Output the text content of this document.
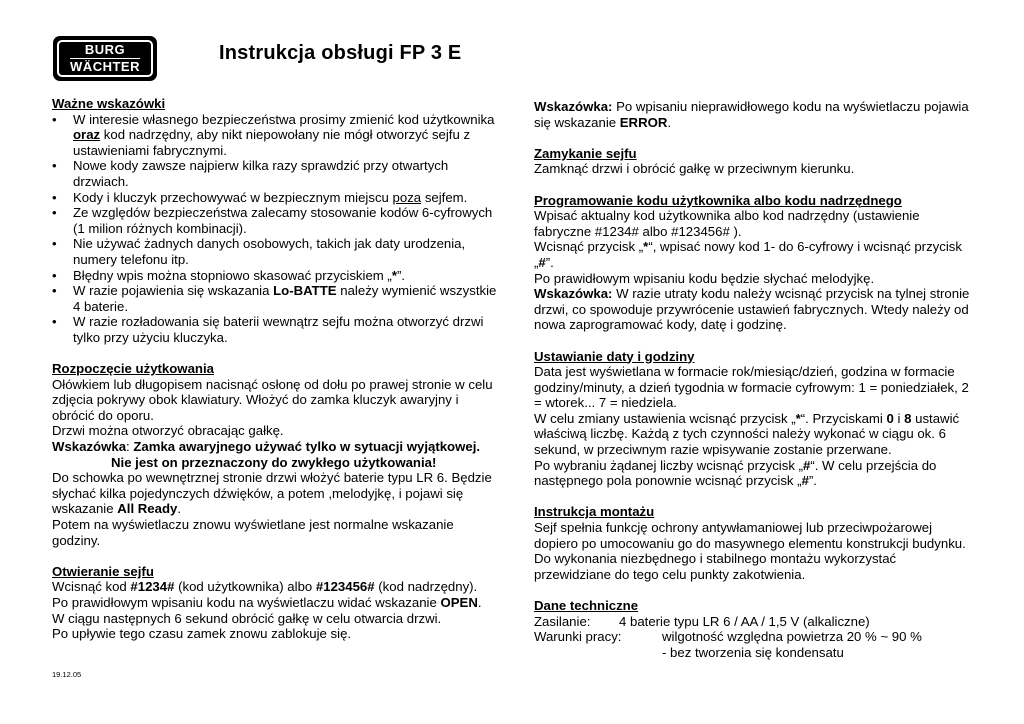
BURG
WÄCHTER
Instrukcja obsługi FP 3 E
Ważne wskazówki
• W interesie własnego bezpieczeństwa prosimy zmienić kod użytkownika oraz kod nadrzędny, aby nikt niepowołany nie mógł otworzyć sejfu z ustawieniami fabrycznymi.
• Nowe kody zawsze najpierw kilka razy sprawdzić przy otwartych drzwiach.
• Kody i kluczyk przechowywać w bezpiecznym miejscu poza sejfem.
• Ze względów bezpieczeństwa zalecamy stosowanie kodów 6-cyfrowych (1 milion różnych kombinacji).
• Nie używać żadnych danych osobowych, takich jak daty urodzenia, numery telefonu itp.
• Błędny wpis można stopniowo skasować przyciskiem „*”.
• W razie pojawienia się wskazania Lo-BATTE należy wymienić wszystkie 4 baterie.
• W razie rozładowania się baterii wewnątrz sejfu można otworzyć drzwi tylko przy użyciu kluczyka.
Rozpoczęcie użytkowania
Ołówkiem lub długopisem nacisnąć osłonę od dołu po prawej stronie w celu zdjęcia pokrywy obok klawiatury. Włożyć do zamka kluczyk awaryjny i obrócić do oporu.
Drzwi można otworzyć obracając gałkę.
Wskazówka: Zamka awaryjnego używać tylko w sytuacji wyjątkowej.
Nie jest on przeznaczony do zwykłego użytkowania!
Do schowka po wewnętrznej stronie drzwi włożyć baterie typu LR 6. Będzie słychać kilka pojedynczych dźwięków, a potem ,melodyjkę, i pojawi się wskazanie All Ready.
Potem na wyświetlaczu znowu wyświetlane jest normalne wskazanie godziny.
Otwieranie sejfu
Wcisnąć kod #1234# (kod użytkownika) albo #123456# (kod nadrzędny).
Po prawidłowym wpisaniu kodu na wyświetlaczu widać wskazanie OPEN.
W ciągu następnych 6 sekund obrócić gałkę w celu otwarcia drzwi.
Po upływie tego czasu zamek znowu zablokuje się.
Wskazówka: Po wpisaniu nieprawidłowego kodu na wyświetlaczu pojawia się wskazanie ERROR.
Zamykanie sejfu
Zamknąć drzwi i obrócić gałkę w przeciwnym kierunku.
Programowanie kodu użytkownika albo kodu nadrzędnego
Wpisać aktualny kod użytkownika albo kod nadrzędny (ustawienie fabryczne #1234# albo #123456# ).
Wcisnąć przycisk „*“, wpisać nowy kod 1- do 6-cyfrowy i wcisnąć przycisk „#”.
Po prawidłowym wpisaniu kodu będzie słychać melodyjkę.
Wskazówka: W razie utraty kodu należy wcisnąć przycisk na tylnej stronie drzwi, co spowoduje przywrócenie ustawień fabrycznych. Wtedy należy od nowa zaprogramować kody, datę i godzinę.
Ustawianie daty i godziny
Data jest wyświetlana w formacie rok/miesiąc/dzień, godzina w formacie godziny/minuty, a dzień tygodnia w formacie cyfrowym: 1 = poniedziałek, 2 = wtorek... 7 = niedziela.
W celu zmiany ustawienia wcisnąć przycisk „*“. Przyciskami 0 i 8 ustawić właściwą liczbę. Każdą z tych czynności należy wykonać w ciągu ok. 6 sekund, w przeciwnym razie wpisywanie zostanie przerwane.
Po wybraniu żądanej liczby wcisnąć przycisk „#“. W celu przejścia do następnego pola ponownie wcisnąć przycisk „#”.
Instrukcja montażu
Sejf spełnia funkcję ochrony antywłamaniowej lub przeciwpożarowej dopiero po umocowaniu go do masywnego elementu konstrukcji budynku. Do wykonania niezbędnego i stabilnego montażu wykorzystać przewidziane do tego celu punkty zakotwienia.
Dane techniczne
Zasilanie:	4 baterie typu LR 6 / AA / 1,5 V (alkaliczne)
Warunki pracy:	wilgotność względna powietrza 20 % ~ 90 %
- bez tworzenia się kondensatu
19.12.05
